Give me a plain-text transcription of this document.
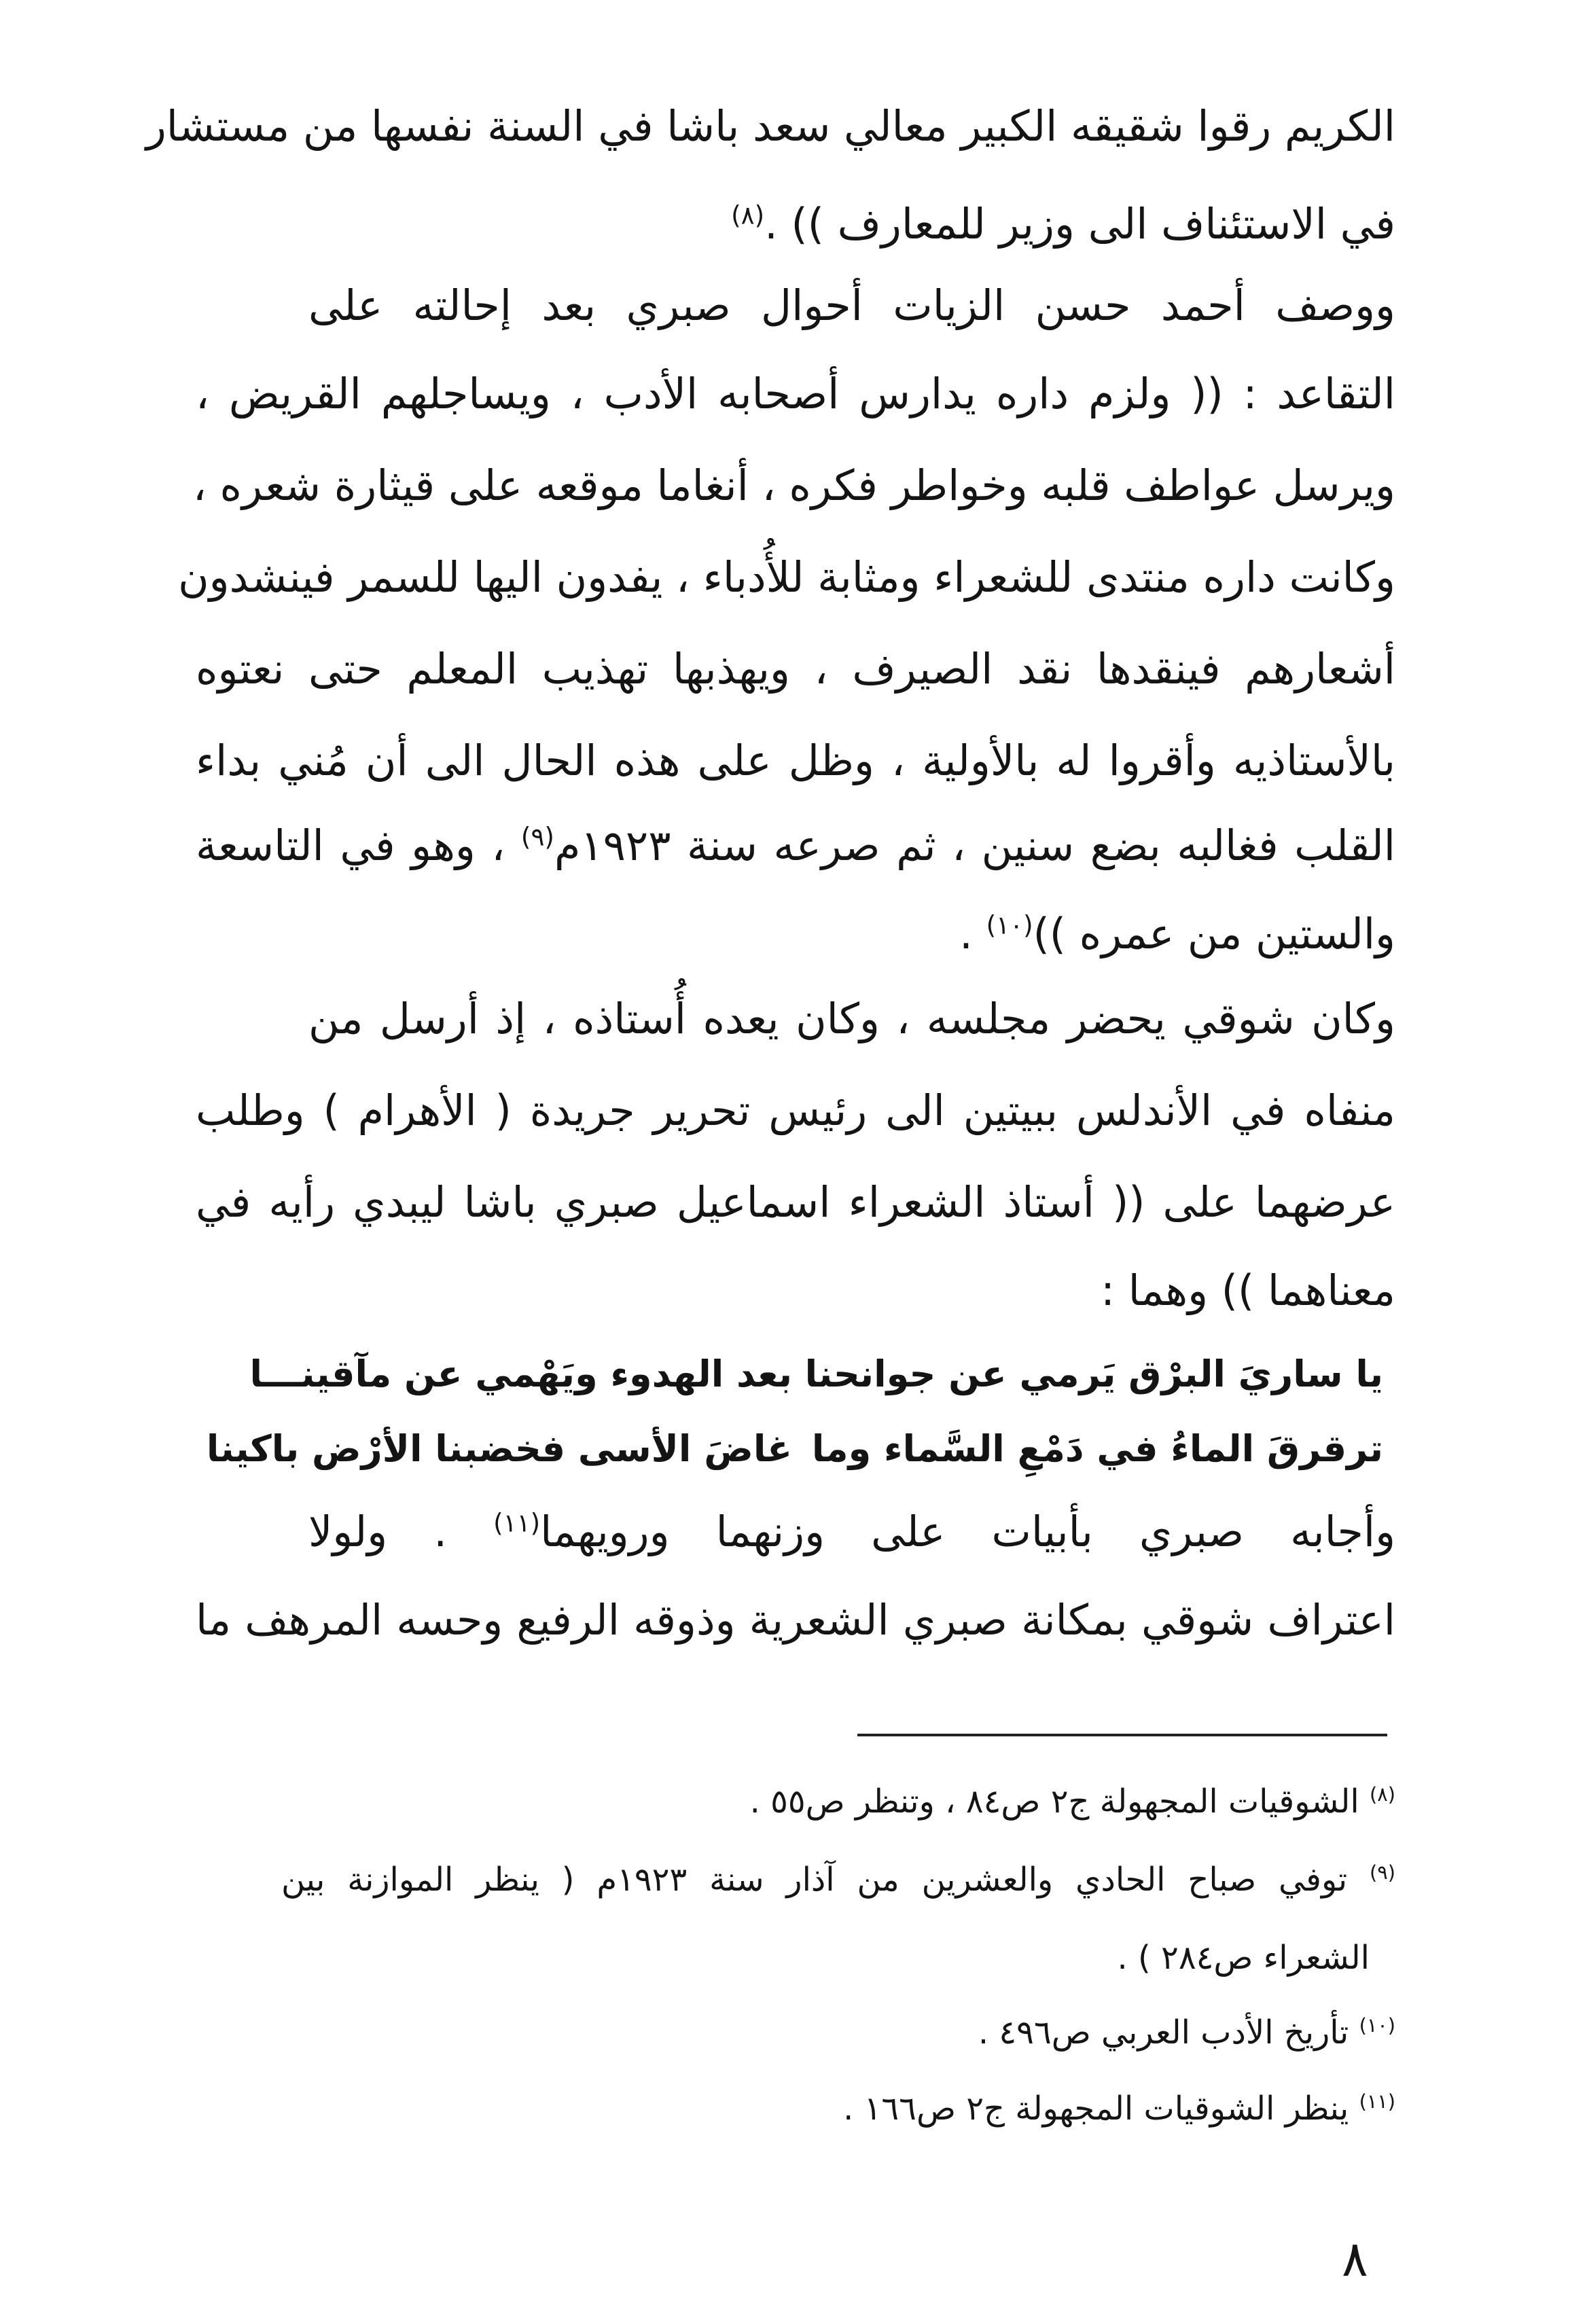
الكريم رقوا شقيقه الكبير معالي سعد باشا في السنة نفسها من مستشار
في الاستئناف الى وزير للمعارف )) .$^{(٨)}$
ووصف أحمد حسن الزيات أحوال صبري بعد إحالته على
التقاعد : (( ولزم داره يدارس أصحابه الأدب ، ويساجلهم القريض ،
ويرسل عواطف قلبه وخواطر فكره ، أنغاما موقعه على قيثارة شعره ،
وكانت داره منتدى للشعراء ومثابة للأُدباء ، يفدون اليها للسمر فينشدون
أشعارهم فينقدها نقد الصيرف ، ويهذبها تهذيب المعلم حتى نعتوه
بالأستاذيه وأقروا له بالأولية ، وظل على هذه الحال الى أن مُني بداء
القلب فغالبه بضع سنين ، ثم صرعه سنة ١٩٢٣م$^{(٩)}$ ، وهو في التاسعة
والستين من عمره ))$^{(١٠)}$ .
وكان شوقي يحضر مجلسه ، وكان يعده أُستاذه ، إذ أرسل من
منفاه في الأندلس ببيتين الى رئيس تحرير جريدة ( الأهرام ) وطلب
عرضهما على (( أستاذ الشعراء اسماعيل صبري باشا ليبدي رأيه في
معناهما )) وهما :
يا ساريَ البرْق يَرمي عن جوانحنا
بعد الهدوء ويَهْمي عن مآقينـــا
ترقرقَ الماءُ في دَمْعِ السَّماء وما
غاضَ الأسى فخضبنا الأرْض باكينا
وأجابه صبري بأبيات على وزنهما ورويهما$^{(١١)}$ . ولولا
اعتراف شوقي بمكانة صبري الشعرية وذوقه الرفيع وحسه المرهف ما
$^{(٨)}$ الشوقيات المجهولة ج٢ ص٨٤ ، وتنظر ص٥٥ .
$^{(٩)}$ توفي صباح الحادي والعشرين من آذار سنة ١٩٢٣م ( ينظر الموازنة بين
الشعراء ص٢٨٤ ) .
$^{(١٠)}$ تأريخ الأدب العربي ص٤٩٦ .
$^{(١١)}$ ينظر الشوقيات المجهولة ج٢ ص١٦٦ .
٨
